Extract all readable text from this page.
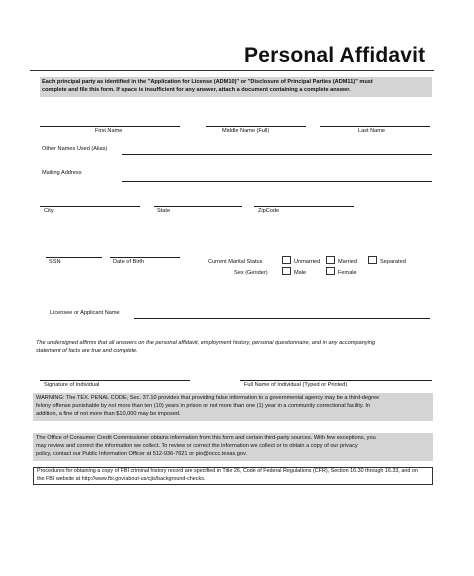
Personal Affidavit
Each principal party as identified in the "Application for License (ADM10)" or "Disclosure of Principal Parties (ADM11)" must
complete and file this form. If space is insufficient for any answer, attach a document containing a complete answer.
First Name	Middle Name (Full)	Last Name
Other Names Used (Alias)
Mailing Address
City	State	ZipCode
SSN	Date of Birth	Current Marital Status	Unmarried	Married	Separated
Sex (Gender)	Male	Female
Licensee or Applicant Name
The undersigned affirms that all answers on the personal affidavit, employment history, personal questionnaire, and in any accompanying
statement of facts are true and complete.
Signature of Individual	Full Name of Individual (Typed or Printed)
WARNING: The TEX. PENAL CODE, Sec. 37.10 provides that providing false information to a governmental agency may be a third-degree
felony offense punishable by not more than ten (10) years in prison or not more than one (1) year in a community correctional facility. In
addition, a fine of not more than $10,000 may be imposed.
The Office of Consumer Credit Commissioner obtains information from this form and certain third-party sources. With few exceptions, you
may review and correct the information we collect. To review or correct the information we collect or to obtain a copy of our privacy
policy, contact our Public Information Officer at 512-936-7621 or pio@occc.texas.gov.
Procedures for obtaining a copy of FBI criminal history record are specified in Title 26, Code of Federal Regulations (CFR), Section 16.30 through 16.33, and on
the FBI website at http://www.fbi.gov/about-us/cjis/background-checks.
